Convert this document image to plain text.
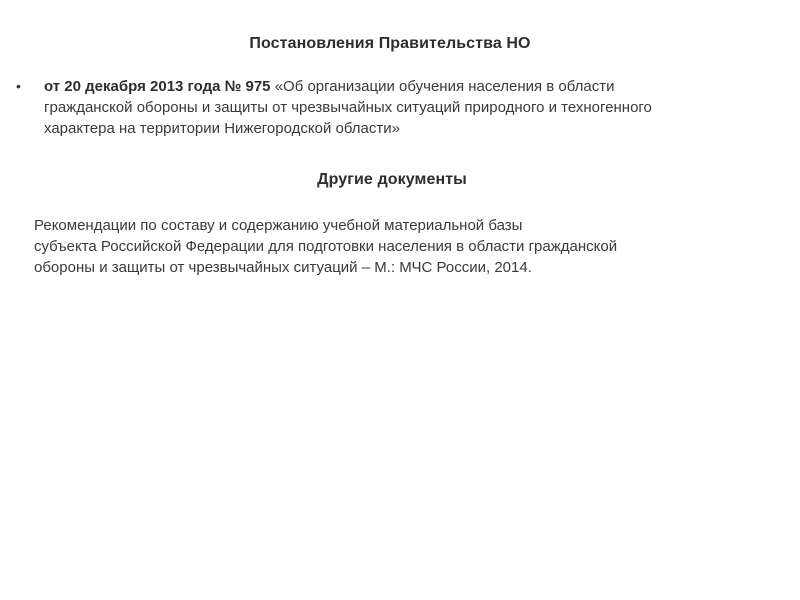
Постановления Правительства НО
• от 20 декабря 2013 года № 975 «Об организации обучения населения в области
гражданской обороны и защиты от чрезвычайных ситуаций природного и техногенного
характера на территории Нижегородской области»
Другие документы
Рекомендации по составу и содержанию учебной материальной базы
субъекта Российской Федерации для подготовки населения в области гражданской
обороны и защиты от чрезвычайных ситуаций – М.: МЧС России, 2014.
